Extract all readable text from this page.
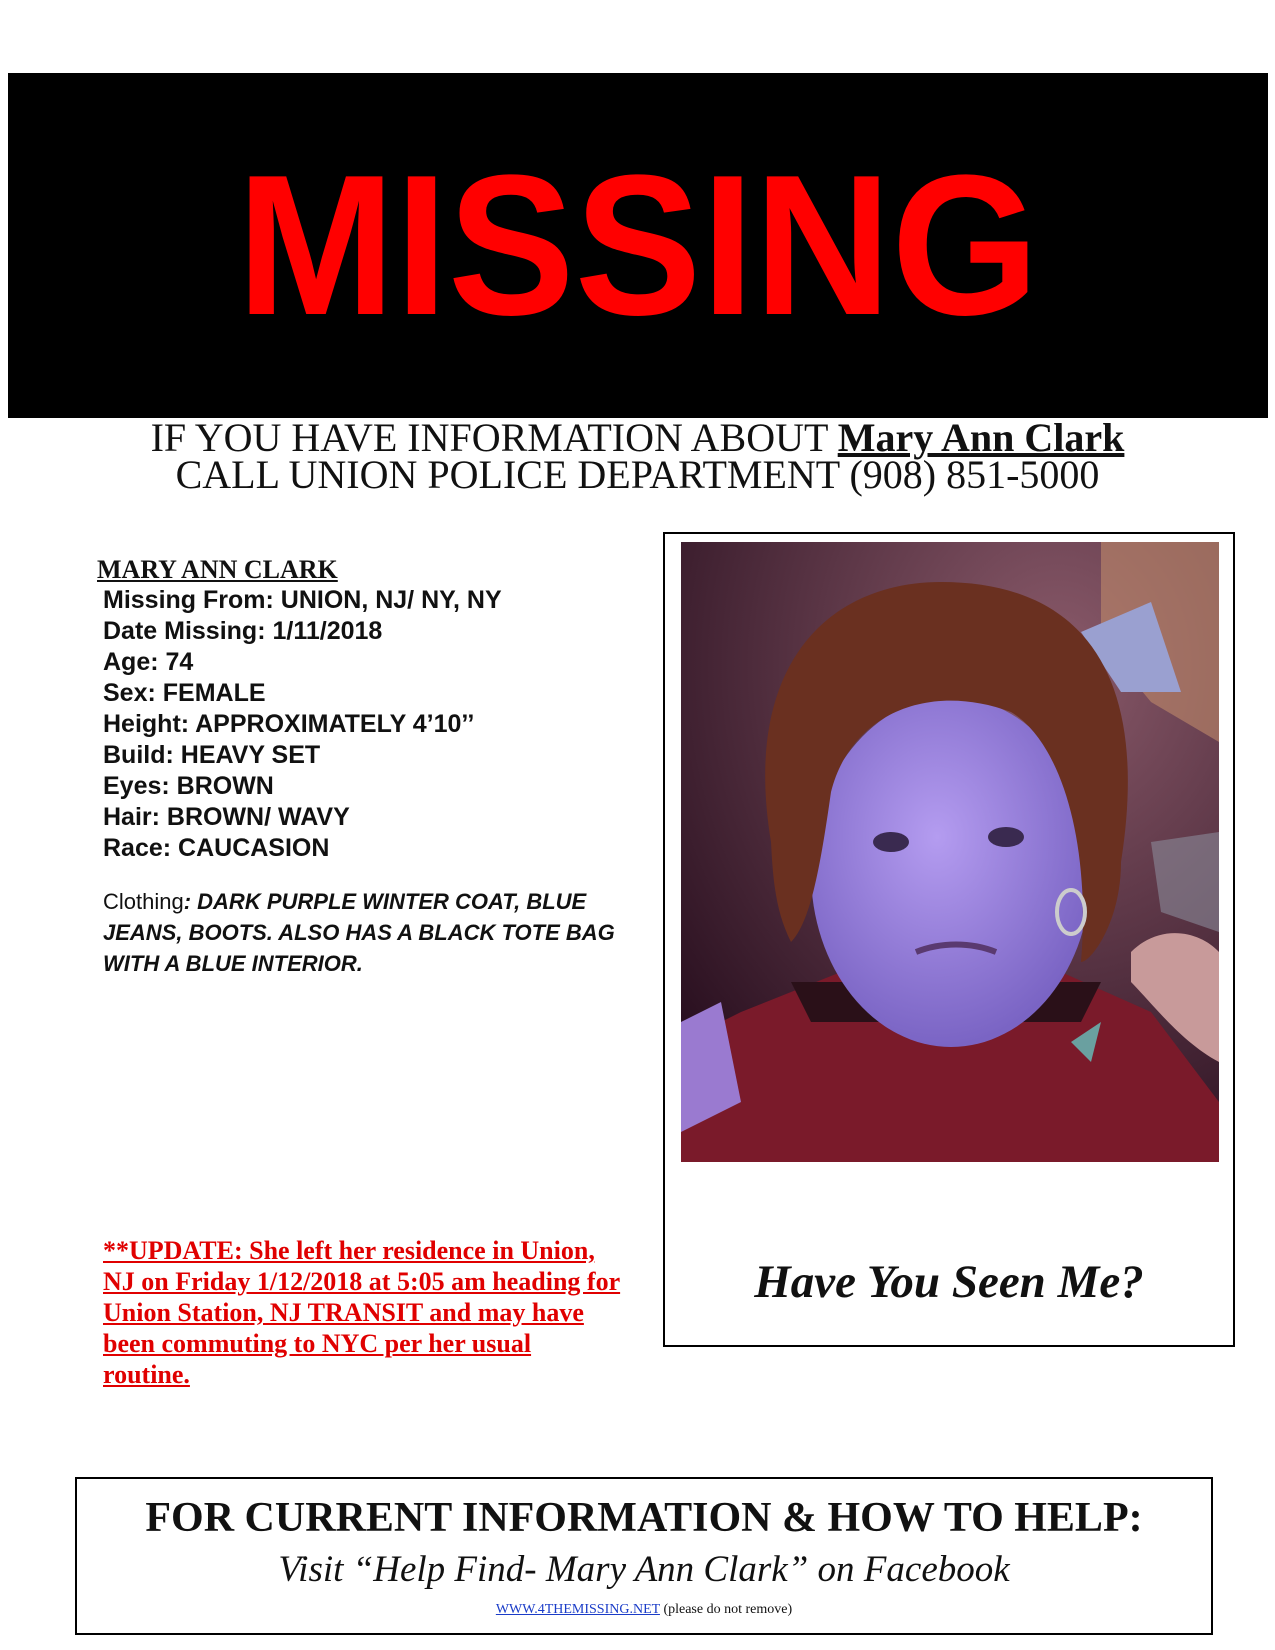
MISSING
IF YOU HAVE INFORMATION ABOUT Mary Ann Clark
CALL UNION POLICE DEPARTMENT (908) 851-5000
MARY ANN CLARK
Missing From: UNION, NJ/ NY, NY
Date Missing: 1/11/2018
Age: 74
Sex: FEMALE
Height: APPROXIMATELY 4’10’’
Build: HEAVY SET
Eyes: BROWN
Hair: BROWN/ WAVY
Race: CAUCASION
Clothing: DARK PURPLE WINTER COAT, BLUE JEANS, BOOTS. ALSO HAS A BLACK TOTE BAG WITH A BLUE INTERIOR.
**UPDATE: She left her residence in Union, NJ on Friday 1/12/2018 at 5:05 am heading for Union Station, NJ TRANSIT and may have been commuting to NYC per her usual routine.
Have You Seen Me?
FOR CURRENT INFORMATION & HOW TO HELP:
Visit “Help Find- Mary Ann Clark” on Facebook
WWW.4THEMISSING.NET (please do not remove)
